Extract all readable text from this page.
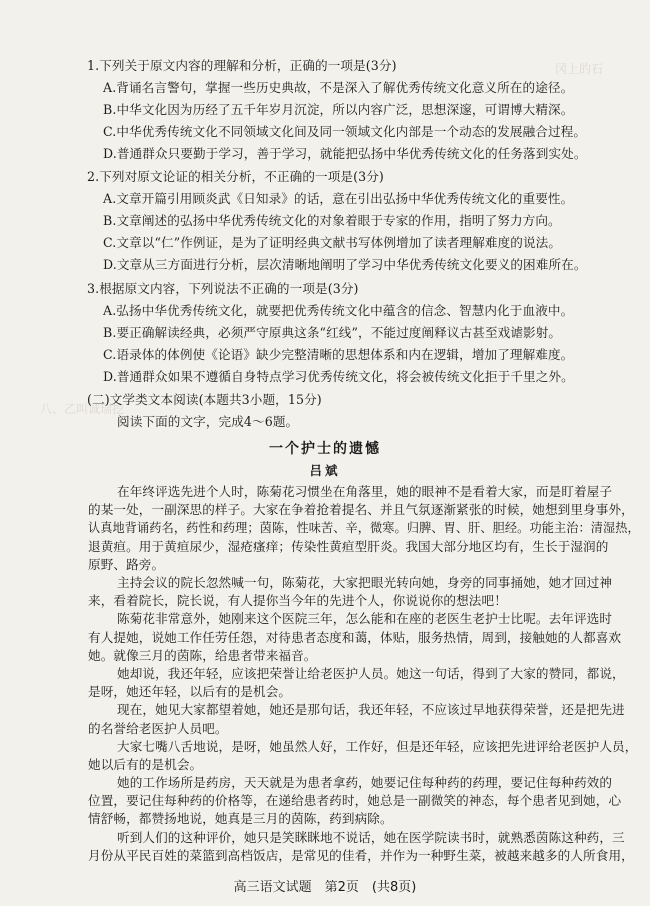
冈上的石
八、乙叫诚瑞挖
1.下列关于原文内容的理解和分析，正确的一项是(3分)
A.背诵名言警句，掌握一些历史典故，不是深入了解优秀传统文化意义所在的途径。
B.中华文化因为历经了五千年岁月沉淀，所以内容广泛，思想深邃，可谓博大精深。
C.中华优秀传统文化不同领域文化间及同一领域文化内部是一个动态的发展融合过程。
D.普通群众只要勤于学习，善于学习，就能把弘扬中华优秀传统文化的任务落到实处。
2.下列对原文论证的相关分析，不正确的一项是(3分)
A.文章开篇引用顾炎武《日知录》的话，意在引出弘扬中华优秀传统文化的重要性。
B.文章阐述的弘扬中华优秀传统文化的对象着眼于专家的作用，指明了努力方向。
C.文章以“仁”作例证，是为了证明经典文献书写体例增加了读者理解难度的说法。
D.文章从三方面进行分析，层次清晰地阐明了学习中华优秀传统文化要义的困难所在。
3.根据原文内容，下列说法不正确的一项是(3分)
A.弘扬中华优秀传统文化，就要把优秀传统文化中蕴含的信念、智慧内化于血液中。
B.要正确解读经典，必须严守原典这条“红线”，不能过度阐释议古甚至戏谑影射。
C.语录体的体例使《论语》缺少完整清晰的思想体系和内在逻辑，增加了理解难度。
D.普通群众如果不遵循自身特点学习优秀传统文化，将会被传统文化拒于千里之外。
(二)文学类文本阅读(本题共3小题，15分)
阅读下面的文字，完成4～6题。
一个护士的遗憾
吕斌
在年终评选先进个人时，陈菊花习惯坐在角落里，她的眼神不是看着大家，而是盯着屋子
的某一处，一副深思的样子。大家在争着抢着提名、并且气氛逐渐紧张的时候，她想到里身事外，
认真地背诵药名，药性和药理；茵陈，性味苦、辛，微寒。归脾、胃、肝、胆经。功能主治：清湿热，
退黄疸。用于黄疸尿少，湿疮瘙痒；传染性黄疸型肝炎。我国大部分地区均有，生长于湿润的
原野、路旁。
主持会议的院长忽然喊一句，陈菊花，大家把眼光转向她，身旁的同事捅她，她才回过神
来，看着院长，院长说，有人提你当今年的先进个人，你说说你的想法吧！
陈菊花非常意外，她刚来这个医院三年，怎么能和在座的老医生老护士比呢。去年评选时
有人提她，说她工作任劳任怨，对待患者态度和蔼，体贴，服务热情，周到，接触她的人都喜欢
她。就像三月的茵陈，给患者带来福音。
她却说，我还年轻，应该把荣誉让给老医护人员。她这一句话，得到了大家的赞同，都说，
是呀，她还年轻，以后有的是机会。
现在，她见大家都望着她，她还是那句话，我还年轻，不应该过早地获得荣誉，还是把先进
的名誉给老医护人员吧。
大家七嘴八舌地说，是呀，她虽然人好，工作好，但是还年轻，应该把先进评给老医护人员，
她以后有的是机会。
她的工作场所是药房，天天就是为患者拿药，她要记住每种药的药理，要记住每种药效的
位置，要记住每种药的价格等，在递给患者药时，她总是一副微笑的神态，每个患者见到她，心
情舒畅，都赞扬地说，她真是三月的茵陈，药到病除。
听到人们的这种评价，她只是笑眯眯地不说话，她在医学院读书时，就熟悉茵陈这种药，三
月份从平民百姓的菜篮到高档饭店，是常见的佳肴，并作为一种野生菜，被越来越多的人所食用，
高三语文试题　第2页　(共8页)
